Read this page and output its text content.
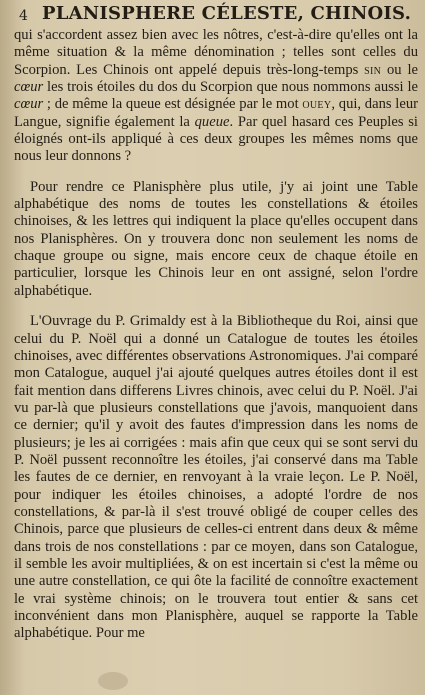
4 PLANISPHERE CÉLESTE, CHINOIS.

qui s'accordent assez bien avec les nôtres, c'est-à-dire qu'elles ont la même situation & la même dénomination ; telles sont celles du Scorpion. Les Chinois ont appelé depuis très-long-temps sin ou le cœur les trois étoiles du dos du Scorpion que nous nommons aussi le cœur ; de même la queue est désignée par le mot ouey, qui, dans leur Langue, signifie également la queue. Par quel hasard ces Peuples si éloignés ont-ils appliqué à ces deux groupes les mêmes noms que nous leur donnons ?

Pour rendre ce Planisphère plus utile, j'y ai joint une Table alphabétique des noms de toutes les constellations & étoiles chinoises, & les lettres qui indiquent la place qu'elles occupent dans nos Planisphères. On y trouvera donc non seulement les noms de chaque groupe ou signe, mais encore ceux de chaque étoile en particulier, lorsque les Chinois leur en ont assigné, selon l'ordre alphabétique.

L'Ouvrage du P. Grimaldy est à la Bibliotheque du Roi, ainsi que celui du P. Noël qui a donné un Catalogue de toutes les étoiles chinoises, avec différentes observations Astronomiques. J'ai comparé mon Catalogue, auquel j'ai ajouté quelques autres étoiles dont il est fait mention dans differens Livres chinois, avec celui du P. Noël. J'ai vu par-là que plusieurs constellations que j'avois, manquoient dans ce dernier; qu'il y avoit des fautes d'impression dans les noms de plusieurs; je les ai corrigées : mais afin que ceux qui se sont servi du P. Noël pussent reconnoître les étoiles, j'ai conservé dans ma Table les fautes de ce dernier, en renvoyant à la vraie leçon. Le P. Noël, pour indiquer les étoiles chinoises, a adopté l'ordre de nos constellations, & par-là il s'est trouvé obligé de couper celles des Chinois, parce que plusieurs de celles-ci entrent dans deux & même dans trois de nos constellations : par ce moyen, dans son Catalogue, il semble les avoir multipliées, & on est incertain si c'est la même ou une autre constellation, ce qui ôte la facilité de connoître exactement le vrai système chinois; on le trouvera tout entier & sans cet inconvénient dans mon Planisphère, auquel se rapporte la Table alphabétique. Pour me
